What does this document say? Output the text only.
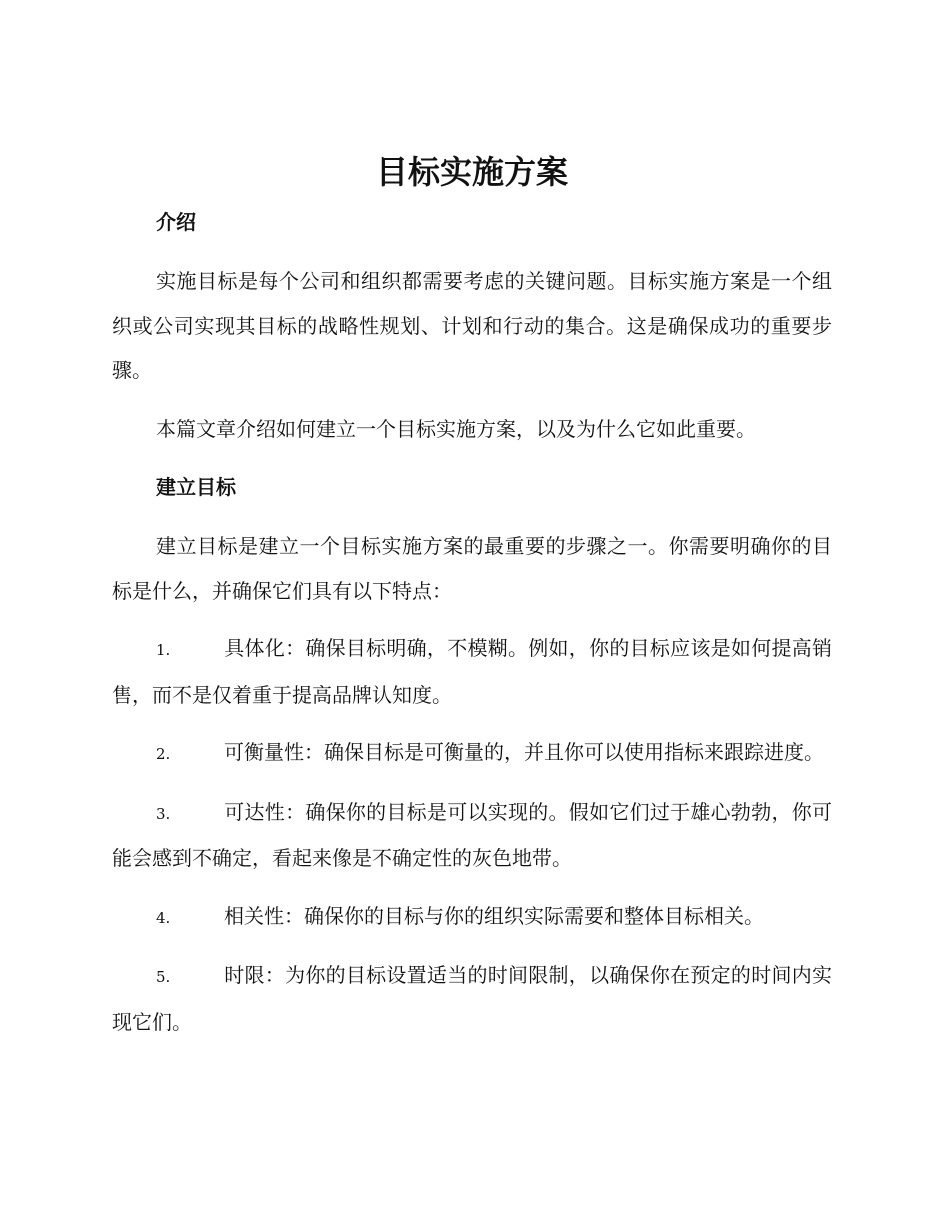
目标实施方案
介绍

实施目标是每个公司和组织都需要考虑的关键问题。目标实施方案是一个组织或公司实现其目标的战略性规划、计划和行动的集合。这是确保成功的重要步骤。

本篇文章介绍如何建立一个目标实施方案，以及为什么它如此重要。

建立目标

建立目标是建立一个目标实施方案的最重要的步骤之一。你需要明确你的目标是什么，并确保它们具有以下特点：

1.	具体化：确保目标明确，不模糊。例如，你的目标应该是如何提高销售，而不是仅着重于提高品牌认知度。

2.	可衡量性：确保目标是可衡量的，并且你可以使用指标来跟踪进度。

3.	可达性：确保你的目标是可以实现的。假如它们过于雄心勃勃，你可能会感到不确定，看起来像是不确定性的灰色地带。

4.	相关性：确保你的目标与你的组织实际需要和整体目标相关。

5.	时限：为你的目标设置适当的时间限制，以确保你在预定的时间内实现它们。
